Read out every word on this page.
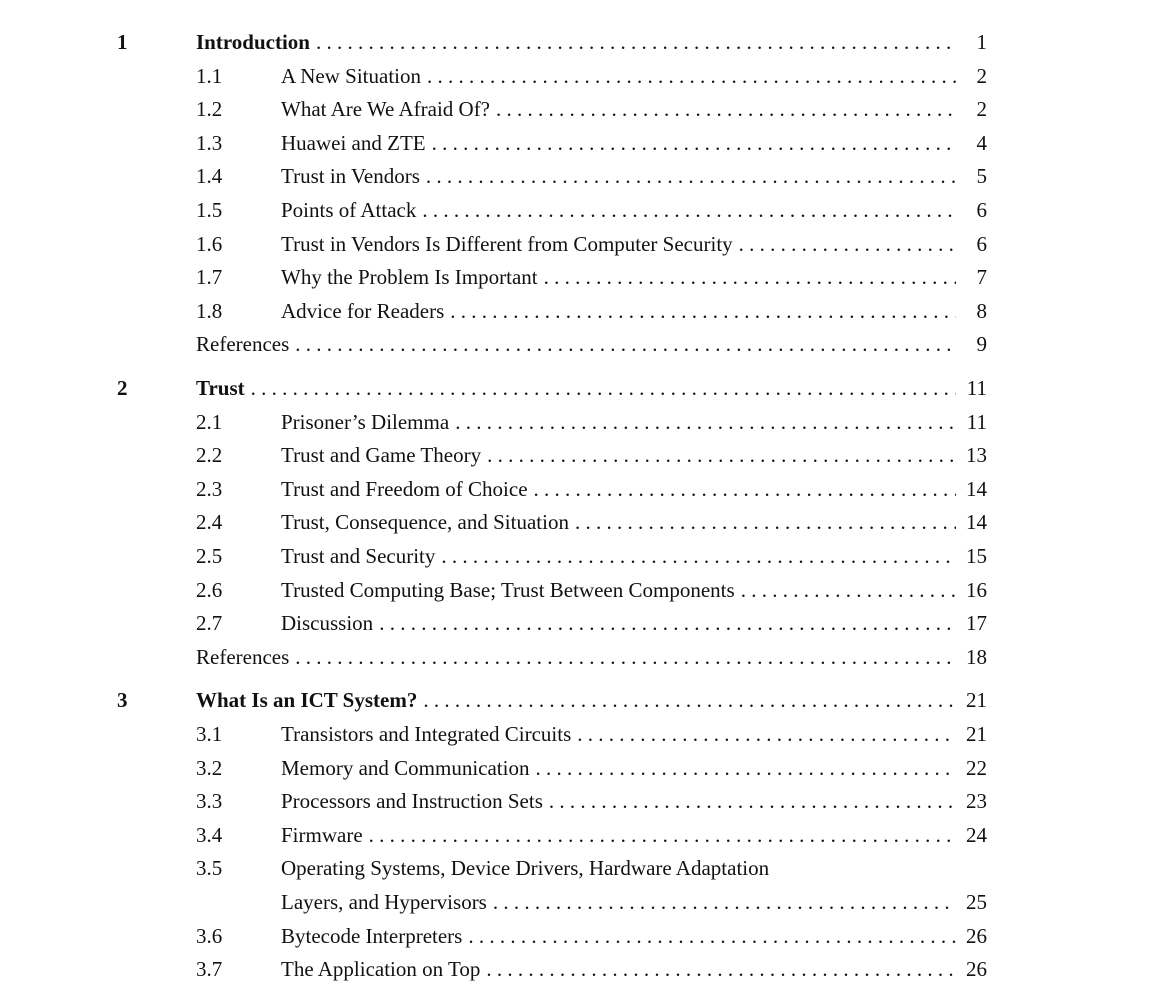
1	Introduction . . .	1
1.1	A New Situation . . .	2
1.2	What Are We Afraid Of? . . .	2
1.3	Huawei and ZTE . . .	4
1.4	Trust in Vendors . . .	5
1.5	Points of Attack . . .	6
1.6	Trust in Vendors Is Different from Computer Security . . .	6
1.7	Why the Problem Is Important . . .	7
1.8	Advice for Readers . . .	8
References . . .	9
2	Trust . . .	11
2.1	Prisoner’s Dilemma . . .	11
2.2	Trust and Game Theory . . .	13
2.3	Trust and Freedom of Choice . . .	14
2.4	Trust, Consequence, and Situation . . .	14
2.5	Trust and Security . . .	15
2.6	Trusted Computing Base; Trust Between Components . . .	16
2.7	Discussion . . .	17
References . . .	18
3	What Is an ICT System? . . .	21
3.1	Transistors and Integrated Circuits . . .	21
3.2	Memory and Communication . . .	22
3.3	Processors and Instruction Sets . . .	23
3.4	Firmware . . .	24
3.5	Operating Systems, Device Drivers, Hardware Adaptation
Layers, and Hypervisors . . .	25
3.6	Bytecode Interpreters . . .	26
3.7	The Application on Top . . .	26
